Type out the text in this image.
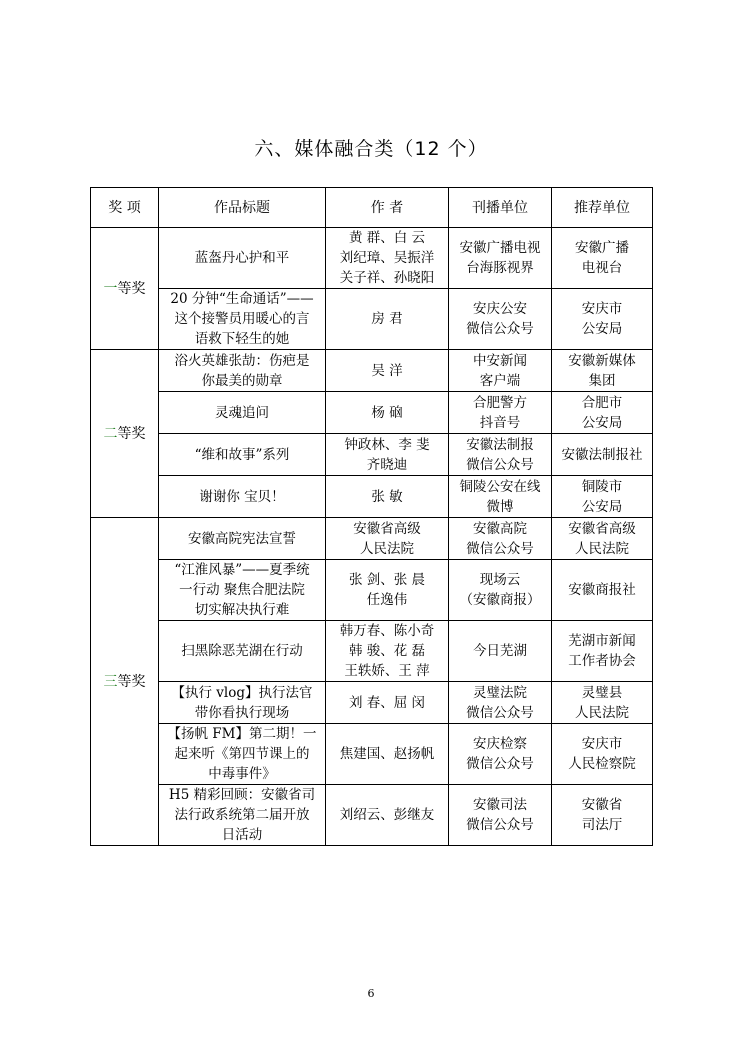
六、媒体融合类（12 个）
奖 项	作品标题	作 者	刊播单位	推荐单位
一等奖	蓝盔丹心护和平	黄 群、白 云
刘纪璋、吴振洋
关子祥、孙晓阳	安徽广播电视
台海豚视界	安徽广播
电视台
	20 分钟“生命通话”——
这个接警员用暖心的言
语救下轻生的她	房 君	安庆公安
微信公众号	安庆市
公安局
二等奖	浴火英雄张劼：伤疤是
你最美的勋章	吴 洋	中安新闻
客户端	安徽新媒体
集团
	灵魂追问	杨 硇	合肥警方
抖音号	合肥市
公安局
	“维和故事”系列	钟政林、李 斐
齐晓迪	安徽法制报
微信公众号	安徽法制报社
	谢谢你 宝贝！	张 敏	铜陵公安在线
微博	铜陵市
公安局
三等奖	安徽高院宪法宣誓	安徽省高级
人民法院	安徽高院
微信公众号	安徽省高级
人民法院
	“江淮风暴”——夏季统
一行动 聚焦合肥法院
切实解决执行难	张 剑、张 晨
任逸伟	现场云
（安徽商报）	安徽商报社
	扫黑除恶芜湖在行动	韩万春、陈小奇
韩 骏、花 磊
王轶娇、王 萍	今日芜湖	芜湖市新闻
工作者协会
	【执行 vlog】执行法官
带你看执行现场	刘 春、屈 闵	灵璧法院
微信公众号	灵璧县
人民法院
	【扬帆 FM】第二期！一
起来听《第四节课上的
中毒事件》	焦建国、赵扬帆	安庆检察
微信公众号	安庆市
人民检察院
	H5 精彩回顾：安徽省司
法行政系统第二届开放
日活动	刘绍云、彭继友	安徽司法
微信公众号	安徽省
司法厅
6
